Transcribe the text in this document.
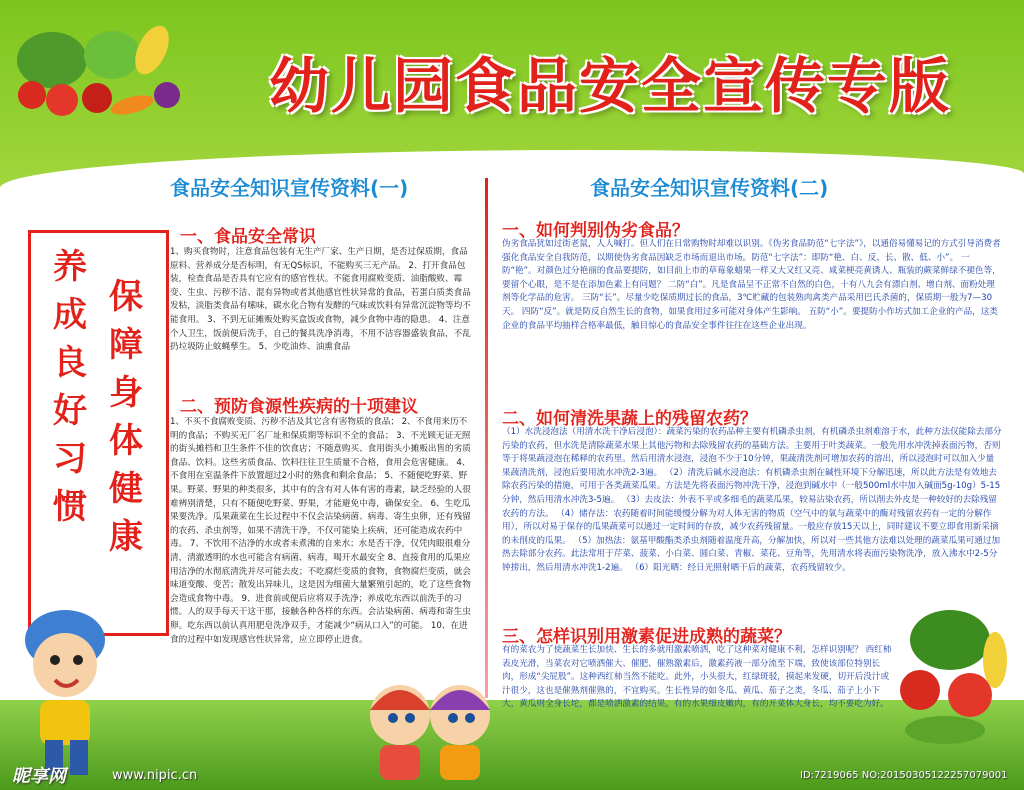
幼儿园食品安全宣传专版
食品安全知识宣传资料(一)	食品安全知识宣传资料(二)
养成良好习惯
保障身体健康
一、食品安全常识
1、购买食物时，注意食品包装有无生产厂家、生产日期，是否过保质期，食品原料、营养成分是否标明，有无QS标识，不能购买三无产品。 2、打开食品包装，检查食品是否具有它应有的感官性状。不能食用腐败变质、油脂酸败、霉变、生虫、污秽不洁、混有异物或者其他感官性状异常的食品，若蛋白质类食品发粘，淡脂类食品有嗦味，碳水化合物有发酵的气味或饮料有异常沉淀物等均不能食用。 3、不到无证摊贩处购买盒饭或食物，减少食物中毒的隐患。 4、注意个人卫生，饭前便后洗手，自己的餐具洗净消毒，不用不洁容器盛装食品，不乱扔垃圾防止蚊蝇孳生。 5、少吃油炸、油熏食品
二、预防食源性疾病的十项建议
1、不买不食腐败变质、污秽不洁及其它含有害物质的食品； 2、不食用来历不明的食品；不购买无厂名厂址和保质期等标识不全的食品； 3、不光顾无证无照的街头摊档和卫生条件不佳的饮食店；不随意购买、食用街头小摊贩出售的劣质食品、饮料。这些劣质食品、饮料往往卫生质量不合格，食用会危害健康。 4、不食用在室温条件下放置超过2小时的熟食和剩余食品； 5、不随便吃野菜、野果。野菜、野果的种类很多，其中有的含有对人体有害的毒素，缺乏经验的人很难辨别清楚，只有不随便吃野菜、野果，才能避免中毒，确保安全。 6、生吃瓜果要洗净。瓜果蔬菜在生长过程中不仅会沾染病菌、病毒、寄生虫卵，还有残留的农药、杀虫剂等，如果不清洗干净，不仅可能染上疾病，还可能造成农药中毒。 7、不饮用不洁净的水或者未煮沸的自来水；水是否干净，仅凭肉眼很难分清，清澈透明的水也可能含有病菌、病毒，喝开水最安全 8、直接食用的瓜果应用洁净的水彻底清洗并尽可能去皮；不吃腐烂变质的食物，食物腐烂变质，就会味道变酸、变苦；散发出异味儿，这是因为细菌大量繁殖引起的，吃了这些食物会造成食物中毒。 9、进食前或便后应将双手洗净；养成吃东西以前洗手的习惯。人的双手每天干这干那，接触各种各样的东西。会沾染病菌、病毒和寄生虫卵。吃东西以前认真用肥皂洗净双手，才能减少“病从口入”的可能。 10、在进食的过程中如发现感官性状异常，应立即停止进食。
一、如何判别伪劣食品？
伪劣食品犹如过街老鼠，人人喊打。但人们在日常购物时却难以识别。《伪劣食品防范“七字法”》，以通俗易懂易记的方式引导消费者强化食品安全自我防范，以期使伪劣食品因缺乏市场而退出市场。防范“七字法”：即防“艳、白、反、长、散、低、小”。 一防“艳”。对颜色过分艳丽的食品要提防，如目前上市的草莓象蜡果一样又大又红又亮、咸菜梗亮黄诱人、瓶装的蕨菜鲜绿不褪色等，要留个心眼，是不是在添加色素上有问题？ 二防“白”。凡是食品呈不正常不自然的白色，十有八九会有漂白剂、增白剂、面粉处理剂等化学品的危害。 三防“长”。尽量少吃保质期过长的食品，3℃贮藏的包装熟肉禽类产品采用巴氏杀菌的，保质期一般为7—30天。 四防“反”。就是防反自然生长的食物，如果食用过多可能对身体产生影响。 五防“小”。要提防小作坊式加工企业的产品，这类企业的食品平均抽样合格率最低，触目惊心的食品安全事件往往在这些企业出现。
二、如何清洗果蔬上的残留农药？
（1）水洗浸泡法（用清水洗干净后浸泡）：蔬菜污染的农药品种主要有机磷杀虫剂，有机磷杀虫剂难溶于水，此种方法仅能除去部分污染的农药，但水洗是清除蔬菜水果上其他污物和去除残留农药的基础方法。主要用于叶类蔬菜。一般先用水冲洗掉表面污物，否则等于将果蔬浸泡在稀释的农药里。然后用清水浸泡，浸泡不少于10分钟，果蔬清洗剂可增加农药的溶出，所以浸泡时可以加入少量果蔬清洗剂，浸泡后要用流水冲洗2-3遍。 （2）清洗后碱水浸泡法：有机磷杀虫剂在碱性环境下分解迅速，所以此方法是有效地去除农药污染的措施，可用于各类蔬菜瓜果。方法是先将表面污物冲洗干净，浸泡到碱水中（一般500ml水中加入碱面5g-10g）5-15分钟，然后用清水冲洗3-5遍。 （3）去皮法：外表不平或多细毛的蔬菜瓜果，较易沾染农药，所以削去外皮是一种较好的去除残留农药的方法。 （4）储存法：农药随着时间能缓慢分解为对人体无害的物质（空气中的氧与蔬菜中的酶对残留农药有一定的分解作用），所以对易于保存的瓜果蔬菜可以通过一定时间的存放，减少农药残留量。一般应存放15天以上，同时建议不要立即食用新采摘的未削皮的瓜果。 （5）加热法：氨基甲酸酯类杀虫剂随着温度升高，分解加快，所以对一些其他方法难以处理的蔬菜瓜果可通过加热去除部分农药。此法常用于芹菜、菠菜、小白菜、圆白菜、青椒、菜花、豆角等，先用清水将表面污染物洗净，放入沸水中2-5分钟捞出，然后用清水冲洗1-2遍。 （6）阳光晒：经日光照射晒干后的蔬菜，农药残留较少。
三、怎样识别用激素促进成熟的蔬菜？
有的菜农为了使蔬菜生长加快、生长的多就用激素喷洒，吃了这种菜对健康不利，怎样识别呢？ 西红柿表皮光滑，当菜农对它喷洒催大、催肥、催熟激素后，激素药液一部分流至下端，致使该部位特别长肉，形成“尖屁股”。这种西红柿当然不能吃。此外，小头很大，红绿斑驳，摸起来发硬，切开后没汁或汁很少，这也是催熟剂催熟的，不宜购买。生长性异的如冬瓜、黄瓜、茄子之类，冬瓜、茄子上小下大，黄瓜则全身长坨，都是喷洒激素的结果。有的水果细皮嫩肉，有的开菜体大身长，均不要吃为好。
昵享网	www.nipic.cn	ID:7219065 NO:20150305122257079001
